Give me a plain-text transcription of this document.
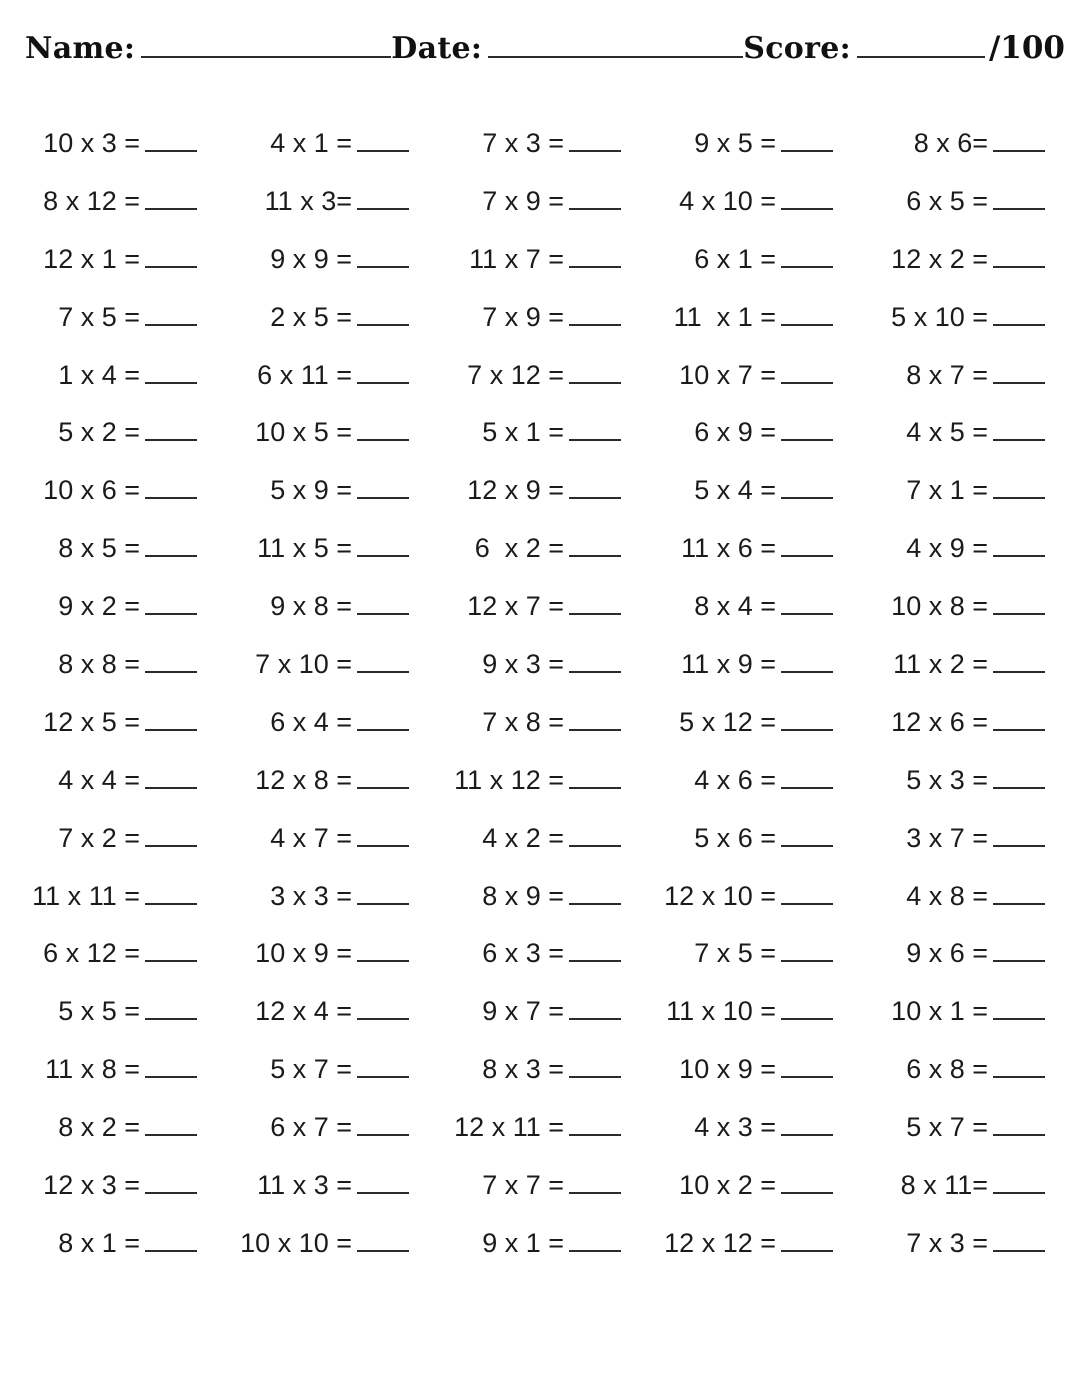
Name:	Date:	Score:	/100
10 x 3 =	4 x 1 =	7 x 3 =	9 x 5 =	8 x 6=
8 x 12 =	11 x 3=	7 x 9 =	4 x 10 =	6 x 5 =
12 x 1 =	9 x 9 =	11 x 7 =	6 x 1 =	12 x 2 =
7 x 5 =	2 x 5 =	7 x 9 =	11  x 1 =	5 x 10 =
1 x 4 =	6 x 11 =	7 x 12 =	10 x 7 =	8 x 7 =
5 x 2 =	10 x 5 =	5 x 1 =	6 x 9 =	4 x 5 =
10 x 6 =	5 x 9 =	12 x 9 =	5 x 4 =	7 x 1 =
8 x 5 =	11 x 5 =	6  x 2 =	11 x 6 =	4 x 9 =
9 x 2 =	9 x 8 =	12 x 7 =	8 x 4 =	10 x 8 =
8 x 8 =	7 x 10 =	9 x 3 =	11 x 9 =	11 x 2 =
12 x 5 =	6 x 4 =	7 x 8 =	5 x 12 =	12 x 6 =
4 x 4 =	12 x 8 =	11 x 12 =	4 x 6 =	5 x 3 =
7 x 2 =	4 x 7 =	4 x 2 =	5 x 6 =	3 x 7 =
11 x 11 =	3 x 3 =	8 x 9 =	12 x 10 =	4 x 8 =
6 x 12 =	10 x 9 =	6 x 3 =	7 x 5 =	9 x 6 =
5 x 5 =	12 x 4 =	9 x 7 =	11 x 10 =	10 x 1 =
11 x 8 =	5 x 7 =	8 x 3 =	10 x 9 =	6 x 8 =
8 x 2 =	6 x 7 =	12 x 11 =	4 x 3 =	5 x 7 =
12 x 3 =	11 x 3 =	7 x 7 =	10 x 2 =	8 x 11=
8 x 1 =	10 x 10 =	9 x 1 =	12 x 12 =	7 x 3 =
